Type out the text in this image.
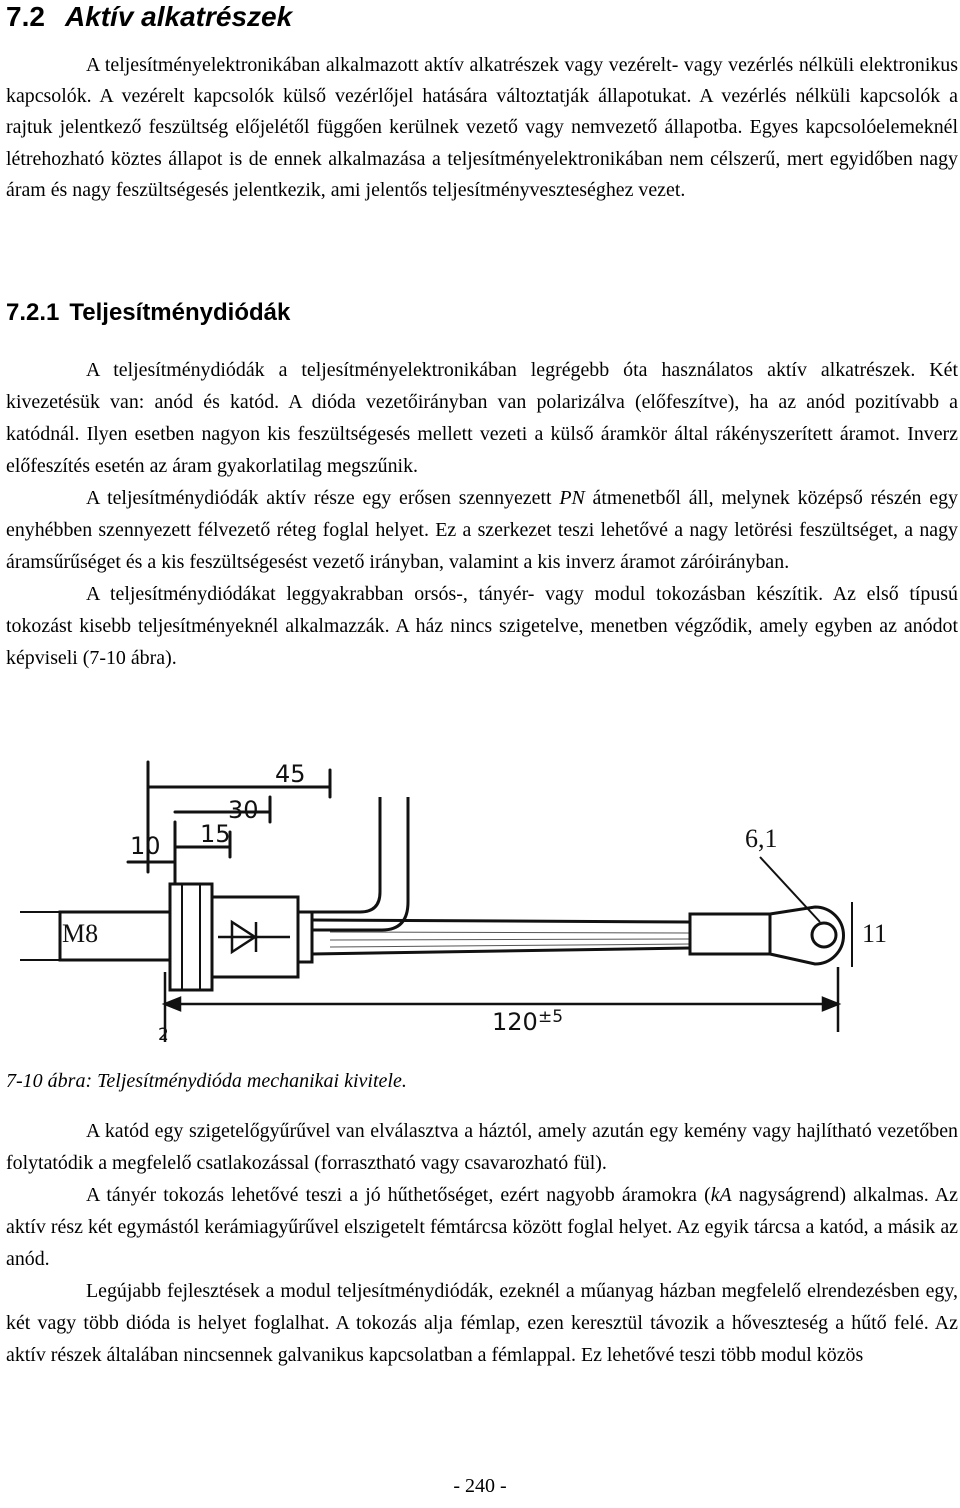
7.2 Aktív alkatrészek

A teljesítményelektronikában alkalmazott aktív alkatrészek vagy vezérelt- vagy vezérlés nélküli elektronikus kapcsolók. A vezérelt kapcsolók külső vezérlőjel hatására változtatják állapotukat. A vezérlés nélküli kapcsolók a rajtuk jelentkező feszültség előjelétől függően kerülnek vezető vagy nemvezető állapotba. Egyes kapcsolóelemeknél létrehozható köztes állapot is de ennek alkalmazása a teljesítményelektronikában nem célszerű, mert egyidőben nagy áram és nagy feszültségesés jelentkezik, ami jelentős teljesítményveszteséghez vezet.

7.2.1 Teljesítménydiódák

A teljesítménydiódák a teljesítményelektronikában legrégebb óta használatos aktív alkatrészek. Két kivezetésük van: anód és katód. A dióda vezetőirányban van polarizálva (előfeszítve), ha az anód pozitívabb a katódnál. Ilyen esetben nagyon kis feszültségesés mellett vezeti a külső áramkör által rákényszerített áramot. Inverz előfeszítés esetén az áram gyakorlatilag megszűnik.

A teljesítménydiódák aktív része egy erősen szennyezett PN átmenetből áll, melynek középső részén egy enyhébben szennyezett félvezető réteg foglal helyet. Ez a szerkezet teszi lehetővé a nagy letörési feszültséget, a nagy áramsűrűséget és a kis feszültségesést vezető irányban, valamint a kis inverz áramot záróirányban.

A teljesítménydiódákat leggyakrabban orsós-, tányér- vagy modul tokozásban készítik. Az első típusú tokozást kisebb teljesítményeknél alkalmazzák. A ház nincs szigetelve, menetben végződik, amely egyben az anódot képviseli (7-10 ábra).

45
30
15
10	6,1
11
M8
2	120 ±5

7-10 ábra: Teljesítménydióda mechanikai kivitele.

A katód egy szigetelőgyűrűvel van elválasztva a háztól, amely azután egy kemény vagy hajlítható vezetőben folytatódik a megfelelő csatlakozással (forrasztható vagy csavarozható fül).

A tányér tokozás lehetővé teszi a jó hűthetőséget, ezért nagyobb áramokra (kA nagyságrend) alkalmas. Az aktív rész két egymástól kerámiagyűrűvel elszigetelt fémtárcsa között foglal helyet. Az egyik tárcsa a katód, a másik az anód.

Legújabb fejlesztések a modul teljesítménydiódák, ezeknél a műanyag házban megfelelő elrendezésben egy, két vagy több dióda is helyet foglalhat. A tokozás alja fémlap, ezen keresztül távozik a hőveszteség a hűtő felé. Az aktív részek általában nincsennek galvanikus kapcsolatban a fémlappal. Ez lehetővé teszi több modul közös

- 240 -
